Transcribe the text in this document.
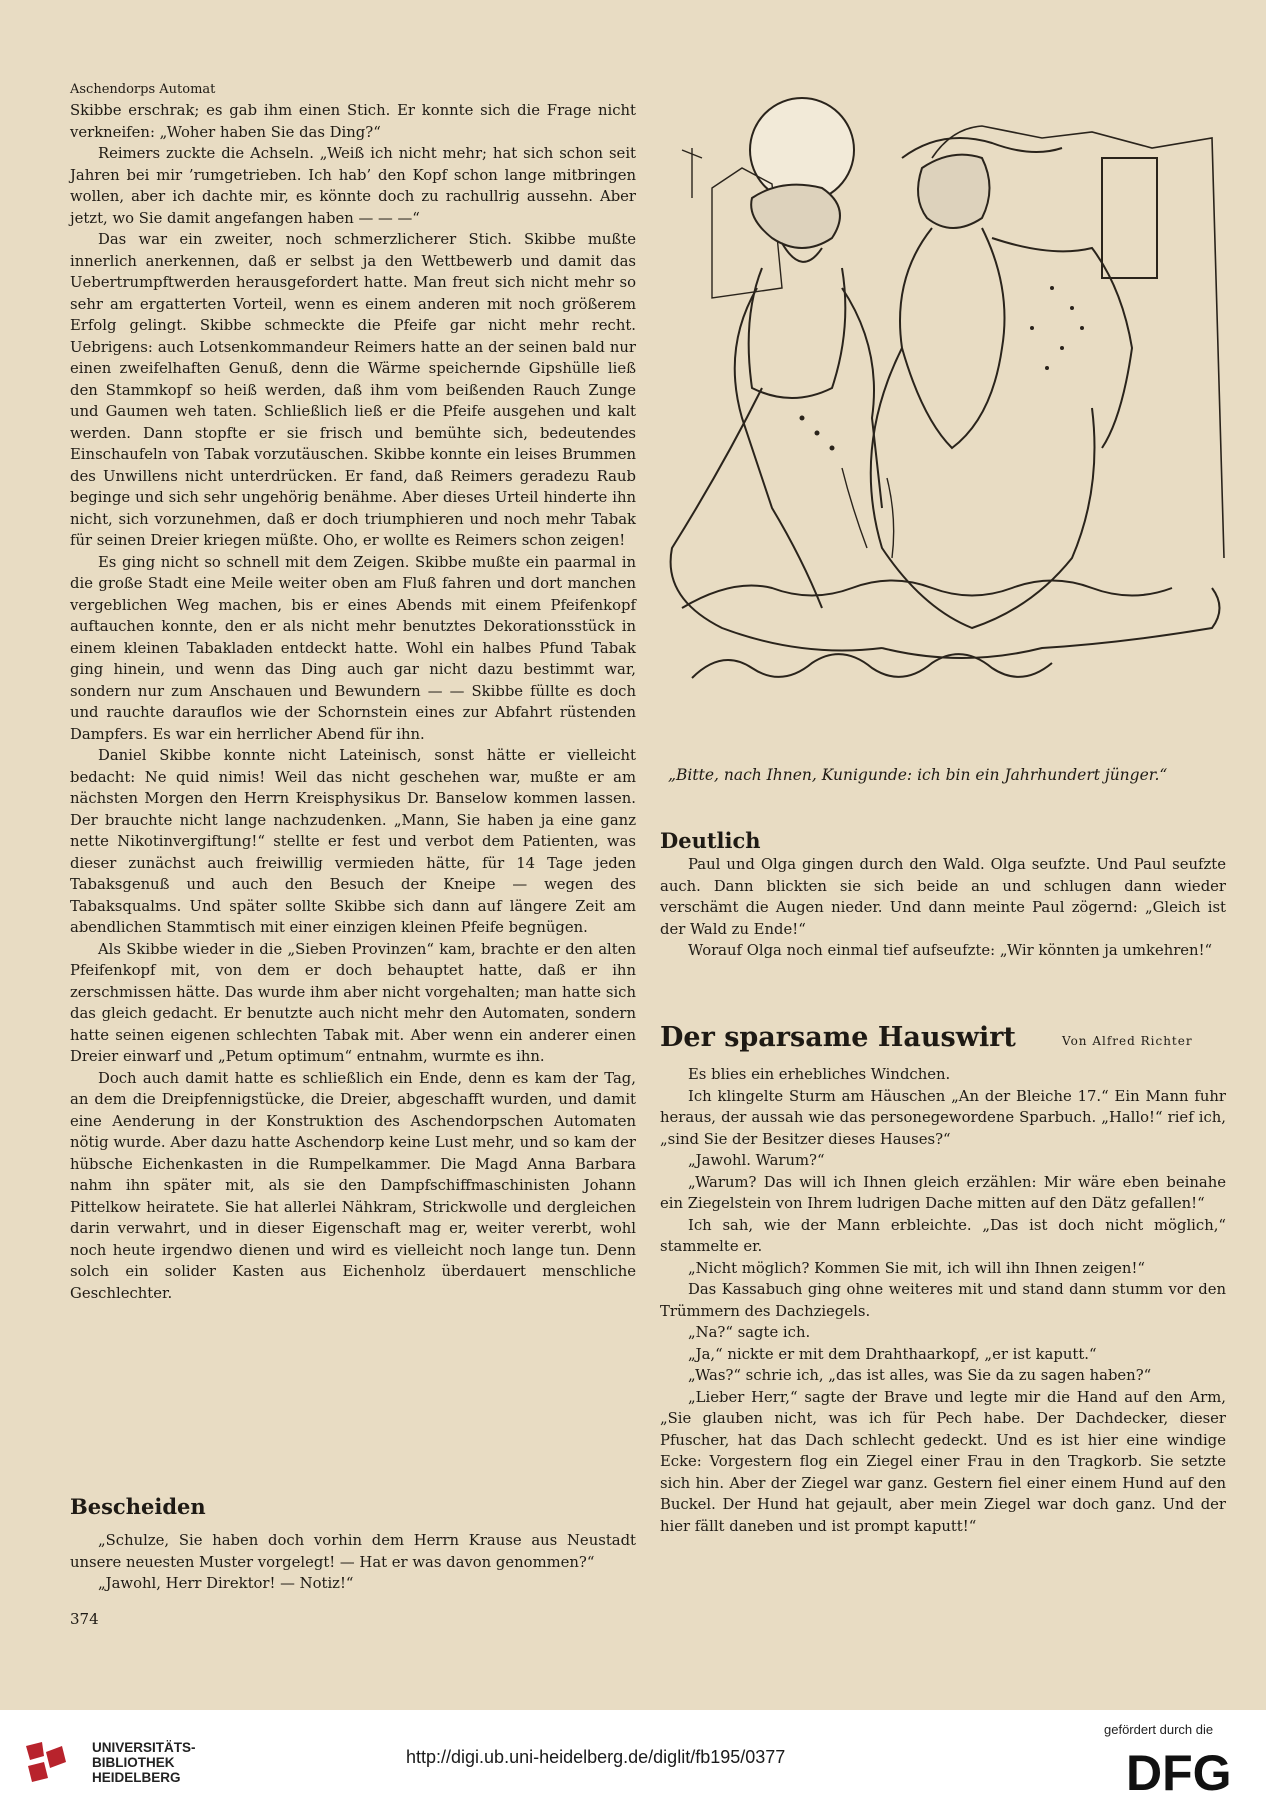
Aschendorps Automat

Skibbe erschrak; es gab ihm einen Stich. Er konnte sich die Frage nicht verkneifen: „Woher haben Sie das Ding?“

Reimers zuckte die Achseln. „Weiß ich nicht mehr; hat sich schon seit Jahren bei mir ’rumgetrieben. Ich hab’ den Kopf schon lange mitbringen wollen, aber ich dachte mir, es könnte doch zu rachullrig aussehn. Aber jetzt, wo Sie damit angefangen haben — — —“

Das war ein zweiter, noch schmerzlicherer Stich. Skibbe mußte innerlich anerkennen, daß er selbst ja den Wettbewerb und damit das Uebertrumpftwerden herausgefordert hatte. Man freut sich nicht mehr so sehr am ergatterten Vorteil, wenn es einem anderen mit noch größerem Erfolg gelingt. Skibbe schmeckte die Pfeife gar nicht mehr recht. Uebrigens: auch Lotsenkommandeur Reimers hatte an der seinen bald nur einen zweifelhaften Genuß, denn die Wärme speichernde Gipshülle ließ den Stammkopf so heiß werden, daß ihm vom beißenden Rauch Zunge und Gaumen weh taten. Schließlich ließ er die Pfeife ausgehen und kalt werden. Dann stopfte er sie frisch und bemühte sich, bedeutendes Einschaufeln von Tabak vorzutäuschen. Skibbe konnte ein leises Brummen des Unwillens nicht unterdrücken. Er fand, daß Reimers geradezu Raub beginge und sich sehr ungehörig benähme. Aber dieses Urteil hinderte ihn nicht, sich vorzunehmen, daß er doch triumphieren und noch mehr Tabak für seinen Dreier kriegen müßte. Oho, er wollte es Reimers schon zeigen!

Es ging nicht so schnell mit dem Zeigen. Skibbe mußte ein paarmal in die große Stadt eine Meile weiter oben am Fluß fahren und dort manchen vergeblichen Weg machen, bis er eines Abends mit einem Pfeifenkopf auftauchen konnte, den er als nicht mehr benutztes Dekorationsstück in einem kleinen Tabakladen entdeckt hatte. Wohl ein halbes Pfund Tabak ging hinein, und wenn das Ding auch gar nicht dazu bestimmt war, sondern nur zum Anschauen und Bewundern — — Skibbe füllte es doch und rauchte darauflos wie der Schornstein eines zur Abfahrt rüstenden Dampfers. Es war ein herrlicher Abend für ihn.

Daniel Skibbe konnte nicht Lateinisch, sonst hätte er vielleicht bedacht: Ne quid nimis! Weil das nicht geschehen war, mußte er am nächsten Morgen den Herrn Kreisphysikus Dr. Banselow kommen lassen. Der brauchte nicht lange nachzudenken. „Mann, Sie haben ja eine ganz nette Nikotinvergiftung!“ stellte er fest und verbot dem Patienten, was dieser zunächst auch freiwillig vermieden hätte, für 14 Tage jeden Tabaksgenuß und auch den Besuch der Kneipe — wegen des Tabaksqualms. Und später sollte Skibbe sich dann auf längere Zeit am abendlichen Stammtisch mit einer einzigen kleinen Pfeife begnügen.

Als Skibbe wieder in die „Sieben Provinzen“ kam, brachte er den alten Pfeifenkopf mit, von dem er doch behauptet hatte, daß er ihn zerschmissen hätte. Das wurde ihm aber nicht vorgehalten; man hatte sich das gleich gedacht. Er benutzte auch nicht mehr den Automaten, sondern hatte seinen eigenen schlechten Tabak mit. Aber wenn ein anderer einen Dreier einwarf und „Petum optimum“ entnahm, wurmte es ihn.

Doch auch damit hatte es schließlich ein Ende, denn es kam der Tag, an dem die Dreipfennigstücke, die Dreier, abgeschafft wurden, und damit eine Aenderung in der Konstruktion des Aschendorpschen Automaten nötig wurde. Aber dazu hatte Aschendorp keine Lust mehr, und so kam der hübsche Eichenkasten in die Rumpelkammer. Die Magd Anna Barbara nahm ihn später mit, als sie den Dampfschiffmaschinisten Johann Pittelkow heiratete. Sie hat allerlei Nähkram, Strickwolle und dergleichen darin verwahrt, und in dieser Eigenschaft mag er, weiter vererbt, wohl noch heute irgendwo dienen und wird es vielleicht noch lange tun. Denn solch ein solider Kasten aus Eichenholz überdauert menschliche Geschlechter.

„Bitte, nach Ihnen, Kunigunde: ich bin ein Jahrhundert jünger.“
Deutlich

Paul und Olga gingen durch den Wald. Olga seufzte. Und Paul seufzte auch. Dann blickten sie sich beide an und schlugen dann wieder verschämt die Augen nieder. Und dann meinte Paul zögernd: „Gleich ist der Wald zu Ende!“

Worauf Olga noch einmal tief aufseufzte: „Wir könnten ja umkehren!“

Der sparsame Hauswirt	Von Alfred Richter

Es blies ein erhebliches Windchen.

Ich klingelte Sturm am Häuschen „An der Bleiche 17.“ Ein Mann fuhr heraus, der aussah wie das personegewordene Sparbuch. „Hallo!“ rief ich, „sind Sie der Besitzer dieses Hauses?“

„Jawohl. Warum?“

„Warum? Das will ich Ihnen gleich erzählen: Mir wäre eben beinahe ein Ziegelstein von Ihrem ludrigen Dache mitten auf den Dätz gefallen!“

Ich sah, wie der Mann erbleichte. „Das ist doch nicht möglich,“ stammelte er.

„Nicht möglich? Kommen Sie mit, ich will ihn Ihnen zeigen!“

Das Kassabuch ging ohne weiteres mit und stand dann stumm vor den Trümmern des Dachziegels.

„Na?“ sagte ich.

„Ja,“ nickte er mit dem Drahthaarkopf, „er ist kaputt.“

„Was?“ schrie ich, „das ist alles, was Sie da zu sagen haben?“

„Lieber Herr,“ sagte der Brave und legte mir die Hand auf den Arm, „Sie glauben nicht, was ich für Pech habe. Der Dachdecker, dieser Pfuscher, hat das Dach schlecht gedeckt. Und es ist hier eine windige Ecke: Vorgestern flog ein Ziegel einer Frau in den Tragkorb. Sie setzte sich hin. Aber der Ziegel war ganz. Gestern fiel einer einem Hund auf den Buckel. Der Hund hat gejault, aber mein Ziegel war doch ganz. Und der hier fällt daneben und ist prompt kaputt!“

Bescheiden

„Schulze, Sie haben doch vorhin dem Herrn Krause aus Neustadt unsere neuesten Muster vorgelegt! — Hat er was davon genommen?“

„Jawohl, Herr Direktor! — Notiz!“

374
UNIVERSITÄTS-
BIBLIOTHEK
HEIDELBERG
http://digi.ub.uni-heidelberg.de/diglit/fb195/0377
gefördert durch die
DFG
